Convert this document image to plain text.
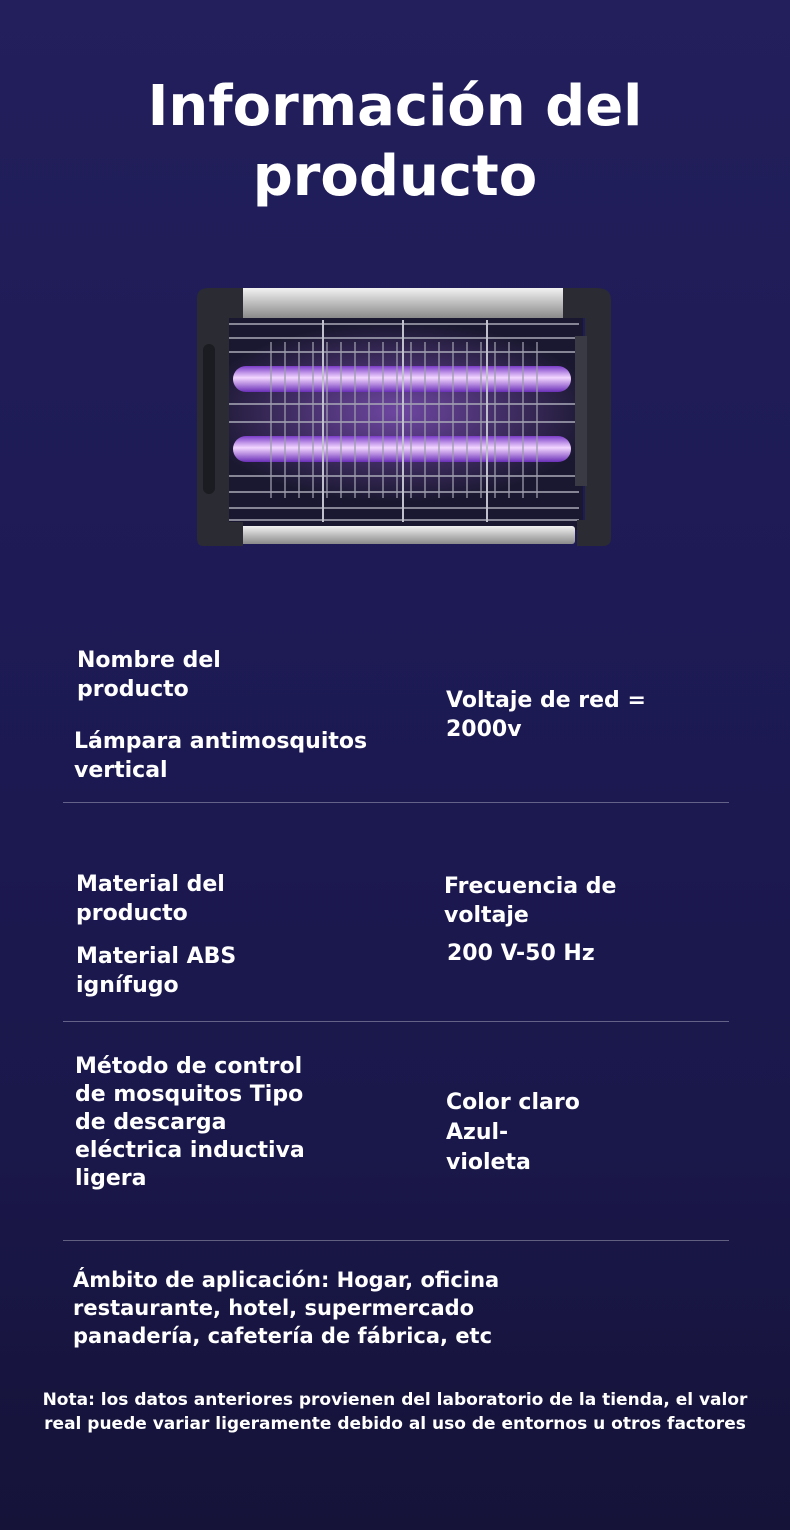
Información del
producto
Nombre del
producto
Lámpara antimosquitos
vertical
Voltaje de red =
2000v
Material del
producto
Material ABS
ignífugo
Frecuencia de
voltaje
200 V-50 Hz
Método de control
de mosquitos Tipo
de descarga
eléctrica inductiva
ligera
Color claro
Azul-
violeta
Ámbito de aplicación: Hogar, oficina
restaurante, hotel, supermercado
panadería, cafetería de fábrica, etc

Nota: los datos anteriores provienen del laboratorio de la tienda, el valor
real puede variar ligeramente debido al uso de entornos u otros factores
